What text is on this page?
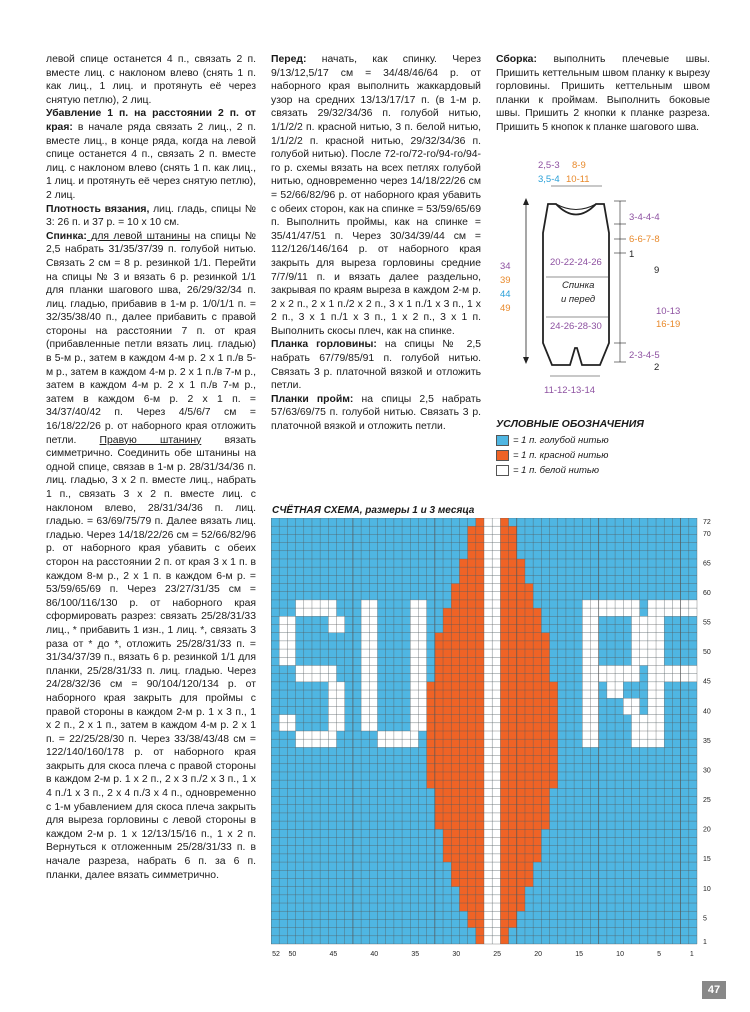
левой спице останется 4 п., связать 2 п. вместе лиц. с наклоном влево (снять 1 п. как лиц., 1 лиц. и протянуть её через снятую петлю), 2 лиц.

Убавление 1 п. на расстоянии 2 п. от края: в начале ряда связать 2 лиц., 2 п. вместе лиц., в конце ряда, когда на левой спице останется 4 п., связать 2 п. вместе лиц. с наклоном влево (снять 1 п. как лиц., 1 лиц. и протянуть её через снятую петлю), 2 лиц.

Плотность вязания, лиц. гладь, спицы № 3: 26 п. и 37 р. = 10 х 10 см.

Спинка: для левой штанины на спицы № 2,5 набрать 31/35/37/39 п. голубой нитью. Связать 2 см = 8 р. резинкой 1/1. Перейти на спицы № 3 и вязать 6 р. резинкой 1/1 для планки шагового шва, 26/29/32/34 п. лиц. гладью, прибавив в 1-м р. 1/0/1/1 п. = 32/35/38/40 п., далее прибавить с правой стороны на расстоянии 7 п. от края (прибавленные петли вязать лиц. гладью) в 5-м р., затем в каждом 4-м р. 2 х 1 п./в 5-м р., затем в каждом 4-м р. 2 х 1 п./в 7-м р., затем в каждом 4-м р. 2 х 1 п./в 7-м р., затем в каждом 6-м р. 2 х 1 п. = 34/37/40/42 п. Через 4/5/6/7 см = 16/18/22/26 р. от наборного края отложить петли. Правую штанину вязать симметрично. Соединить обе штанины на одной спице, связав в 1-м р. 28/31/34/36 п. лиц. гладью, 3 х 2 п. вместе лиц., набрать 1 п., связать 3 х 2 п. вместе лиц. с наклоном влево, 28/31/34/36 п. лиц. гладью. = 63/69/75/79 п. Далее вязать лиц. гладью. Через 14/18/22/26 см = 52/66/82/96 р. от наборного края убавить с обеих сторон на расстоянии 2 п. от края 3 х 1 п. в каждом 8-м р., 2 х 1 п. в каждом 6-м р. = 53/59/65/69 п. Через 23/27/31/35 см = 86/100/116/130 р. от наборного края сформировать разрез: связать 25/28/31/33 лиц., * прибавить 1 изн., 1 лиц. *, связать 3 раза от * до *, отложить 25/28/31/33 п. = 31/34/37/39 п., вязать 6 р. резинкой 1/1 для планки, 25/28/31/33 п. лиц. гладью. Через 24/28/32/36 см = 90/104/120/134 р. от наборного края закрыть для проймы с правой стороны в каждом 2-м р. 1 х 3 п., 1 х 2 п., 2 х 1 п., затем в каждом 4-м р. 2 х 1 п. = 22/25/28/30 п. Через 33/38/43/48 см = 122/140/160/178 р. от наборного края закрыть для скоса плеча с правой стороны в каждом 2-м р. 1 х 2 п., 2 х 3 п./2 х 3 п., 1 х 4 п./1 х 3 п., 2 х 4 п./3 х 4 п., одновременно с 1-м убавлением для скоса плеча закрыть для выреза горловины с левой стороны в каждом 2-м р. 1 х 12/13/15/16 п., 1 х 2 п. Вернуться к отложенным 25/28/31/33 п. в начале разреза, набрать 6 п. за 6 п. планки, далее вязать симметрично.

Перед: начать, как спинку. Через 9/13/12,5/17 см = 34/48/46/64 р. от наборного края выполнить жаккардовый узор на средних 13/13/17/17 п. (в 1-м р. связать 29/32/34/36 п. голубой нитью, 1/1/2/2 п. красной нитью, 3 п. белой нитью, 1/1/2/2 п. красной нитью, 29/32/34/36 п. голубой нитью). После 72-го/72-го/94-го/94-го р. схемы вязать на всех петлях голубой нитью, одновременно через 14/18/22/26 см = 52/66/82/96 р. от наборного края убавить с обеих сторон, как на спинке = 53/59/65/69 п. Выполнить проймы, как на спинке = 35/41/47/51 п. Через 30/34/39/44 см = 112/126/146/164 р. от наборного края закрыть для выреза горловины средние 7/7/9/11 п. и вязать далее раздельно, закрывая по краям выреза в каждом 2-м р. 2 х 2 п., 2 х 1 п./2 х 2 п., 3 х 1 п./1 х 3 п., 1 х 2 п., 3 х 1 п./1 х 3 п., 1 х 2 п., 3 х 1 п. Выполнить скосы плеч, как на спинке.

Планка горловины: на спицы № 2,5 набрать 67/79/85/91 п. голубой нитью. Связать 3 р. платочной вязкой и отложить петли.

Планки пройм: на спицы 2,5 набрать 57/63/69/75 п. голубой нитью. Связать 3 р. платочной вязкой и отложить петли.

Сборка: выполнить плечевые швы. Пришить кеттельным швом планку к вырезу горловины. Пришить кеттельным швом планки к проймам. Выполнить боковые швы. Пришить 2 кнопки к планке разреза. Пришить 5 кнопок к планке шагового шва.

2,5-3 8-9
3,5-4 10-11
3-4-4-4
6-6-7-8
1
9
10-13
16-19
2-3-4-5
2
34
39
44
49
20-22-24-26
Спинка
и перед
24-26-28-30
11-12-13-14
УСЛОВНЫЕ ОБОЗНАЧЕНИЯ
= 1 п. голубой нитью
= 1 п. красной нитью
= 1 п. белой нитью
СЧЁТНАЯ СХЕМА, размеры 1 и 3 месяца
72
70
65
60
55
50
45
40
35
30
25
20
15
10
5
1
52 50	45	40	35	30	25	20	15	10	5	1
47
